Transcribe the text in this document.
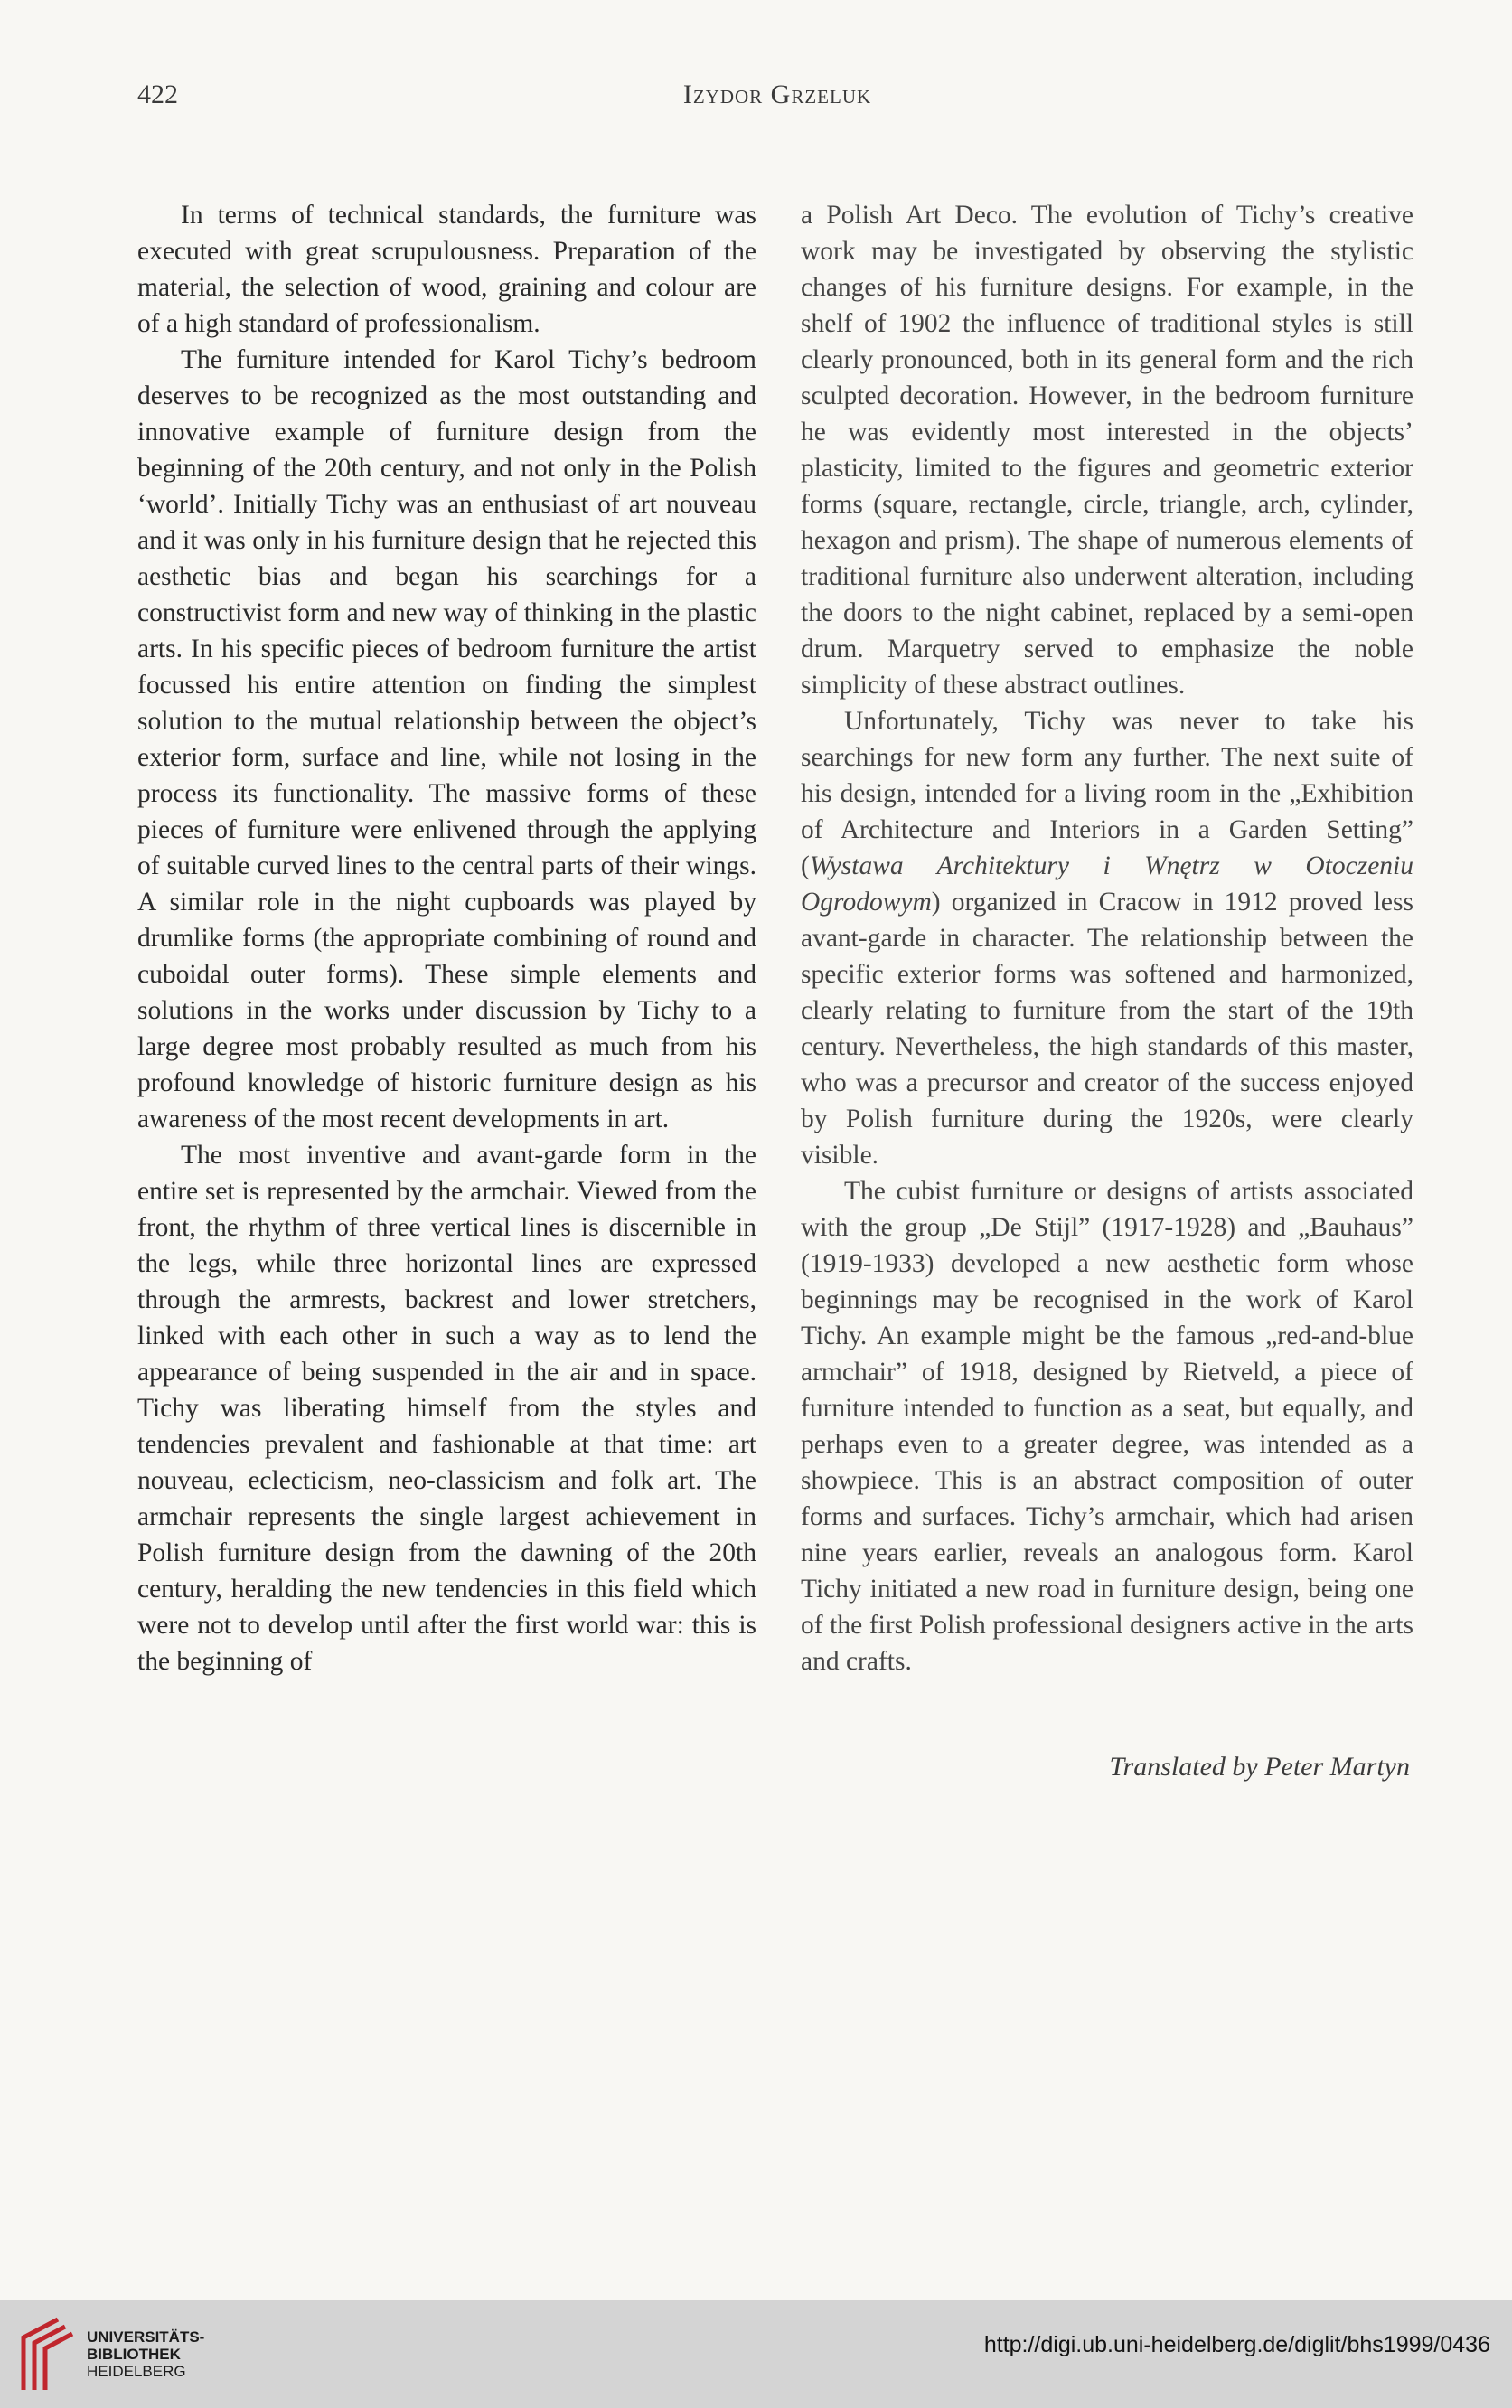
422	Izydor Grzeluk

In terms of technical standards, the furniture was executed with great scrupulousness. Preparation of the material, the selection of wood, graining and colour are of a high standard of professionalism.

The furniture intended for Karol Tichy’s bedroom deserves to be recognized as the most outstanding and innovative example of furniture design from the beginning of the 20th century, and not only in the Polish ‘world’. Initially Tichy was an enthusiast of art nouveau and it was only in his furniture design that he rejected this aesthetic bias and began his searchings for a constructivist form and new way of thinking in the plastic arts. In his specific pieces of bedroom furniture the artist focussed his entire attention on finding the simplest solution to the mutual relationship between the object’s exterior form, surface and line, while not losing in the process its functionality. The massive forms of these pieces of furniture were enlivened through the applying of suitable curved lines to the central parts of their wings. A similar role in the night cupboards was played by drumlike forms (the appropriate combining of round and cuboidal outer forms). These simple elements and solutions in the works under discussion by Tichy to a large degree most probably resulted as much from his profound knowledge of historic furniture design as his awareness of the most recent developments in art.

The most inventive and avant-garde form in the entire set is represented by the armchair. Viewed from the front, the rhythm of three vertical lines is discernible in the legs, while three horizontal lines are expressed through the armrests, backrest and lower stretchers, linked with each other in such a way as to lend the appearance of being suspended in the air and in space. Tichy was liberating himself from the styles and tendencies prevalent and fashionable at that time: art nouveau, eclecticism, neo-classicism and folk art. The armchair represents the single largest achievement in Polish furniture design from the dawning of the 20th century, heralding the new tendencies in this field which were not to develop until after the first world war: this is the beginning of

a Polish Art Deco. The evolution of Tichy’s creative work may be investigated by observing the stylistic changes of his furniture designs. For example, in the shelf of 1902 the influence of traditional styles is still clearly pronounced, both in its general form and the rich sculpted decoration. However, in the bedroom furniture he was evidently most interested in the objects’ plasticity, limited to the figures and geometric exterior forms (square, rectangle, circle, triangle, arch, cylinder, hexagon and prism). The shape of numerous elements of traditional furniture also underwent alteration, including the doors to the night cabinet, replaced by a semi-open drum. Marquetry served to emphasize the noble simplicity of these abstract outlines.

Unfortunately, Tichy was never to take his searchings for new form any further. The next suite of his design, intended for a living room in the „Exhibition of Architecture and Interiors in a Garden Setting” (Wystawa Architektury i Wnętrz w Otoczeniu Ogrodowym) organized in Cracow in 1912 proved less avant-garde in character. The relationship between the specific exterior forms was softened and harmonized, clearly relating to furniture from the start of the 19th century. Nevertheless, the high standards of this master, who was a precursor and creator of the success enjoyed by Polish furniture during the 1920s, were clearly visible.

The cubist furniture or designs of artists associated with the group „De Stijl” (1917-1928) and „Bauhaus” (1919-1933) developed a new aesthetic form whose beginnings may be recognised in the work of Karol Tichy. An example might be the famous „red-and-blue armchair” of 1918, designed by Rietveld, a piece of furniture intended to function as a seat, but equally, and perhaps even to a greater degree, was intended as a showpiece. This is an abstract composition of outer forms and surfaces. Tichy’s armchair, which had arisen nine years earlier, reveals an analogous form. Karol Tichy initiated a new road in furniture design, being one of the first Polish professional designers active in the arts and crafts.

Translated by Peter Martyn
UNIVERSITÄTS-
BIBLIOTHEK
HEIDELBERG
http://digi.ub.uni-heidelberg.de/diglit/bhs1999/0436
